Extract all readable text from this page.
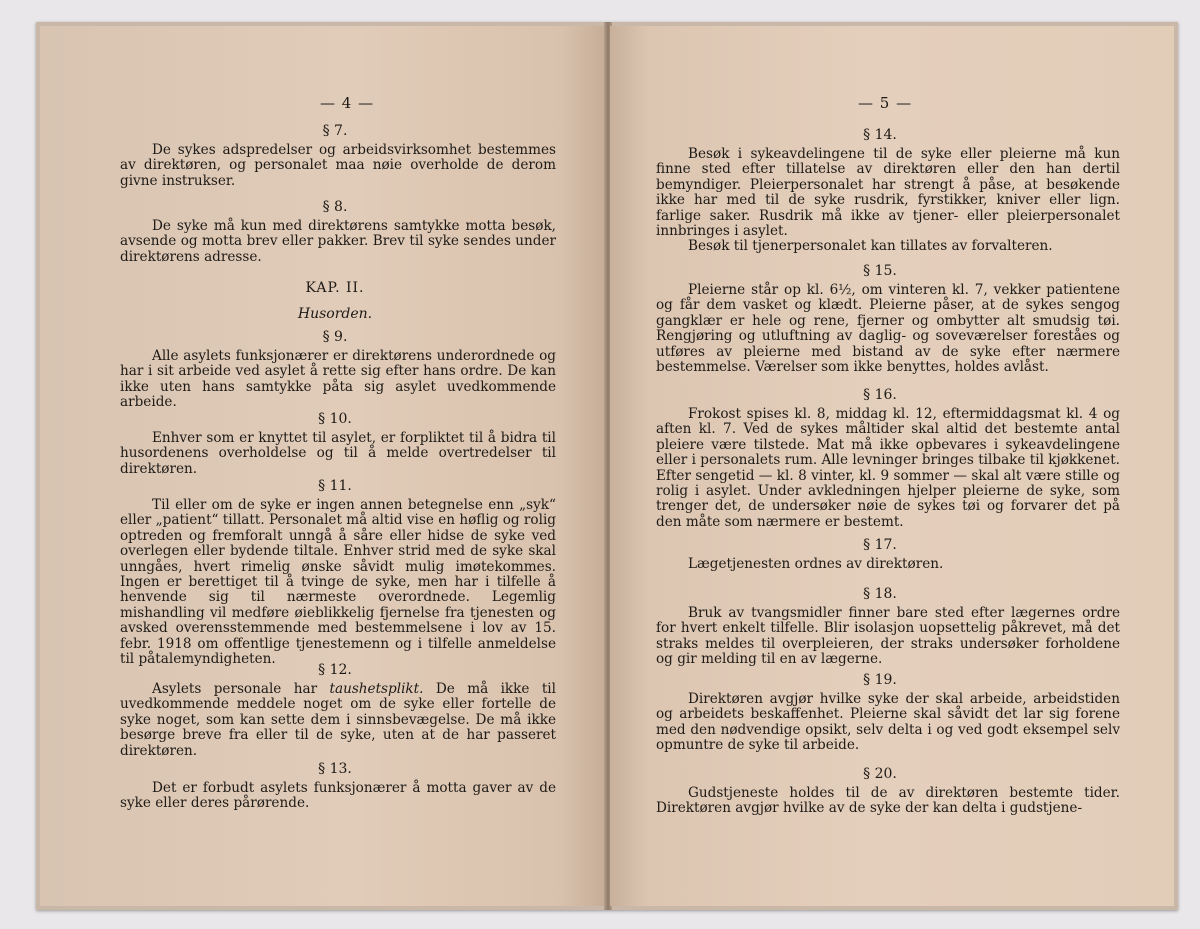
— 4 —
§ 7.

De sykes adspredelser og arbeidsvirksomhet bestemmes av direktøren, og personalet maa nøie overholde de derom givne instrukser.

§ 8.

De syke må kun med direktørens samtykke motta besøk, avsende og motta brev eller pakker. Brev til syke sendes under direktørens adresse.

KAP. II.
Husorden.
§ 9.

Alle asylets funksjonærer er direktørens underordnede og har i sit arbeide ved asylet å rette sig efter hans ordre. De kan ikke uten hans samtykke påta sig asylet uvedkommende arbeide.

§ 10.

Enhver som er knyttet til asylet, er forpliktet til å bidra til husordenens overholdelse og til å melde overtredelser til direktøren.

§ 11.

Til eller om de syke er ingen annen betegnelse enn „syk“ eller „patient“ tillatt. Personalet må altid vise en høflig og rolig optreden og fremforalt unngå å såre eller hidse de syke ved overlegen eller bydende tiltale. Enhver strid med de syke skal unngåes, hvert rimelig ønske såvidt mulig imøtekommes. Ingen er berettiget til å tvinge de syke, men har i tilfelle å henvende sig til nærmeste overordnede. Legemlig mishandling vil medføre øieblikkelig fjernelse fra tjenesten og avsked overensstemmende med bestemmelsene i lov av 15. febr. 1918 om offentlige tjenestemenn og i tilfelle anmeldelse til påtalemyndigheten.

§ 12.

Asylets personale har taushetsplikt. De må ikke til uvedkommende meddele noget om de syke eller fortelle de syke noget, som kan sette dem i sinnsbevægelse. De må ikke besørge breve fra eller til de syke, uten at de har passeret direktøren.

§ 13.

Det er forbudt asylets funksjonærer å motta gaver av de syke eller deres pårørende.

— 5 —
§ 14.

Besøk i sykeavdelingene til de syke eller pleierne må kun finne sted efter tillatelse av direktøren eller den han dertil bemyndiger. Pleierpersonalet har strengt å påse, at besøkende ikke har med til de syke rusdrik, fyrstikker, kniver eller lign. farlige saker. Rusdrik må ikke av tjener- eller pleierpersonalet innbringes i asylet.

Besøk til tjenerpersonalet kan tillates av forvalteren.

§ 15.

Pleierne står op kl. 6½, om vinteren kl. 7, vekker patientene og får dem vasket og klædt. Pleierne påser, at de sykes sengog gangklær er hele og rene, fjerner og ombytter alt smudsig tøi. Rengjøring og utluftning av daglig- og soveværelser foreståes og utføres av pleierne med bistand av de syke efter nærmere bestemmelse. Værelser som ikke benyttes, holdes avlåst.

§ 16.

Frokost spises kl. 8, middag kl. 12, eftermiddagsmat kl. 4 og aften kl. 7. Ved de sykes måltider skal altid det bestemte antal pleiere være tilstede. Mat må ikke opbevares i sykeavdelingene eller i personalets rum. Alle levninger bringes tilbake til kjøkkenet. Efter sengetid — kl. 8 vinter, kl. 9 sommer — skal alt være stille og rolig i asylet. Under avkledningen hjelper pleierne de syke, som trenger det, de undersøker nøie de sykes tøi og forvarer det på den måte som nærmere er bestemt.

§ 17.

Lægetjenesten ordnes av direktøren.

§ 18.

Bruk av tvangsmidler finner bare sted efter lægernes ordre for hvert enkelt tilfelle. Blir isolasjon uopsettelig påkrevet, må det straks meldes til overpleieren, der straks undersøker forholdene og gir melding til en av lægerne.

§ 19.

Direktøren avgjør hvilke syke der skal arbeide, arbeidstiden og arbeidets beskaffenhet. Pleierne skal såvidt det lar sig forene med den nødvendige opsikt, selv delta i og ved godt eksempel selv opmuntre de syke til arbeide.

§ 20.

Gudstjeneste holdes til de av direktøren bestemte tider. Direktøren avgjør hvilke av de syke der kan delta i gudstjene-
